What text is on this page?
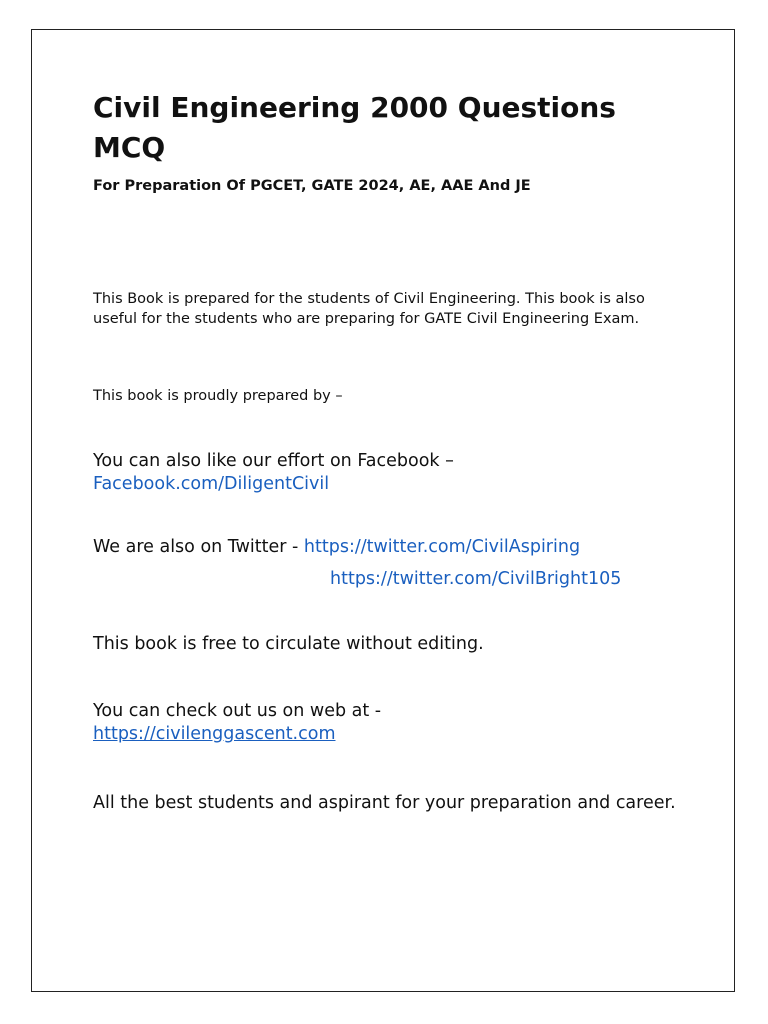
Civil Engineering 2000 Questions MCQ

For Preparation Of PGCET, GATE 2024, AE, AAE And JE

This Book is prepared for the students of Civil Engineering. This book is also useful for the students who are preparing for GATE Civil Engineering Exam.

This book is proudly prepared by –

You can also like our effort on Facebook –
Facebook.com/DiligentCivil
We are also on Twitter - https://twitter.com/CivilAspiring
https://twitter.com/CivilBright105

This book is free to circulate without editing.

You can check out us on web at -
https://civilenggascent.com

All the best students and aspirant for your preparation and career.
